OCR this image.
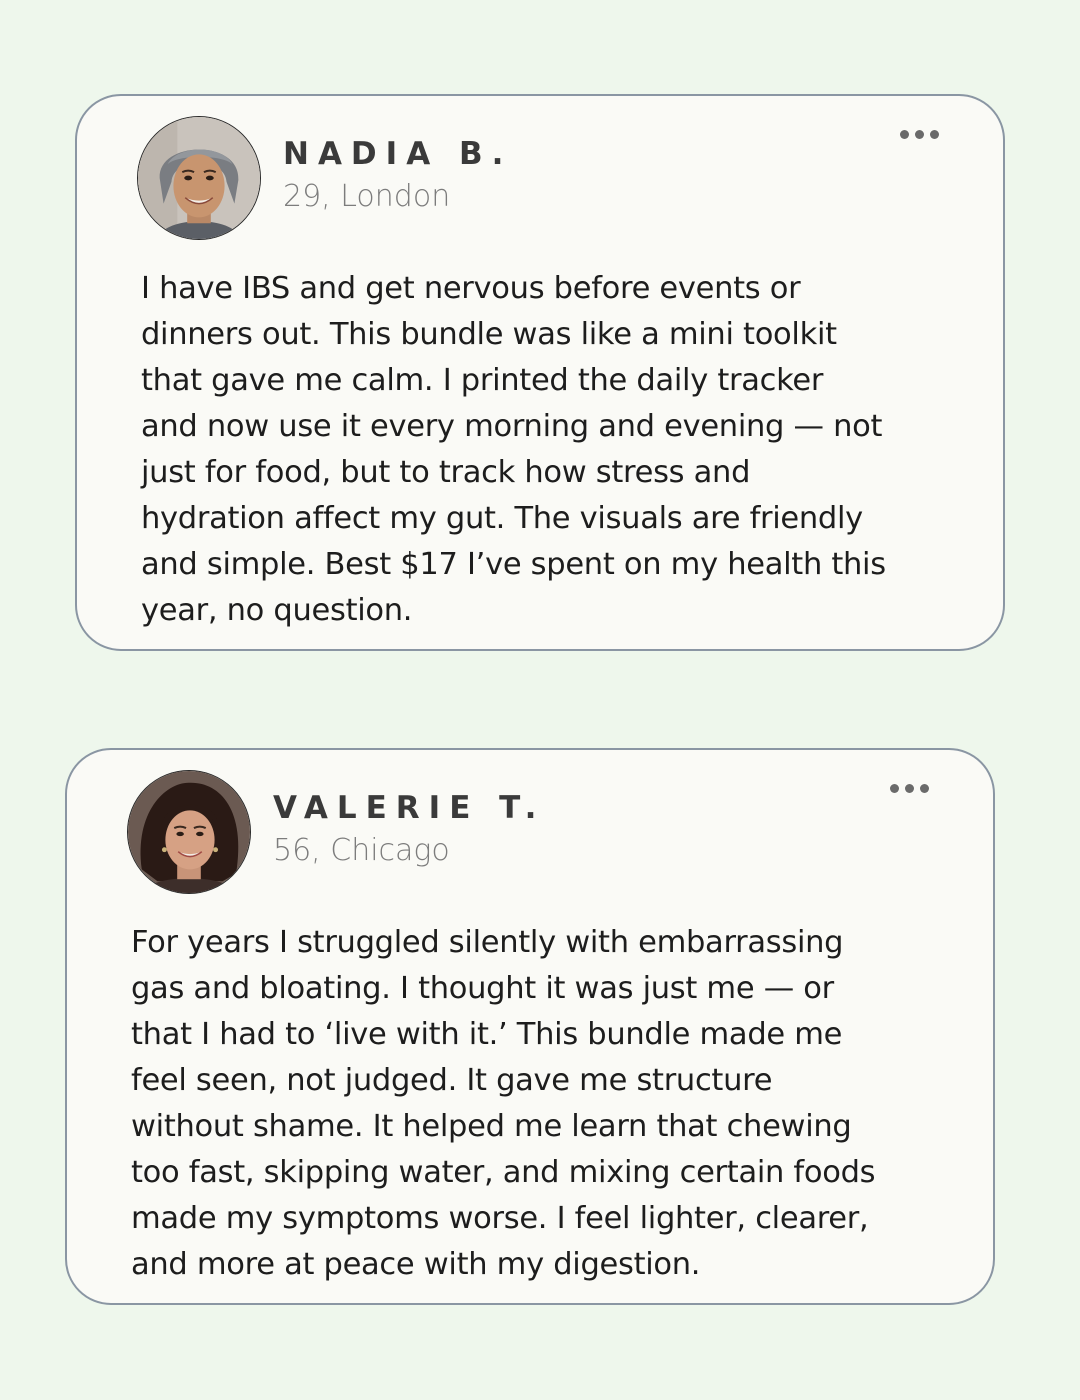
NADIA B.
29, London
I have IBS and get nervous before events or
dinners out. This bundle was like a mini toolkit
that gave me calm. I printed the daily tracker
and now use it every morning and evening — not
just for food, but to track how stress and
hydration affect my gut. The visuals are friendly
and simple. Best $17 I’ve spent on my health this
year, no question.
VALERIE T.
56, Chicago
For years I struggled silently with embarrassing
gas and bloating. I thought it was just me — or
that I had to ‘live with it.’ This bundle made me
feel seen, not judged. It gave me structure
without shame. It helped me learn that chewing
too fast, skipping water, and mixing certain foods
made my symptoms worse. I feel lighter, clearer,
and more at peace with my digestion.
